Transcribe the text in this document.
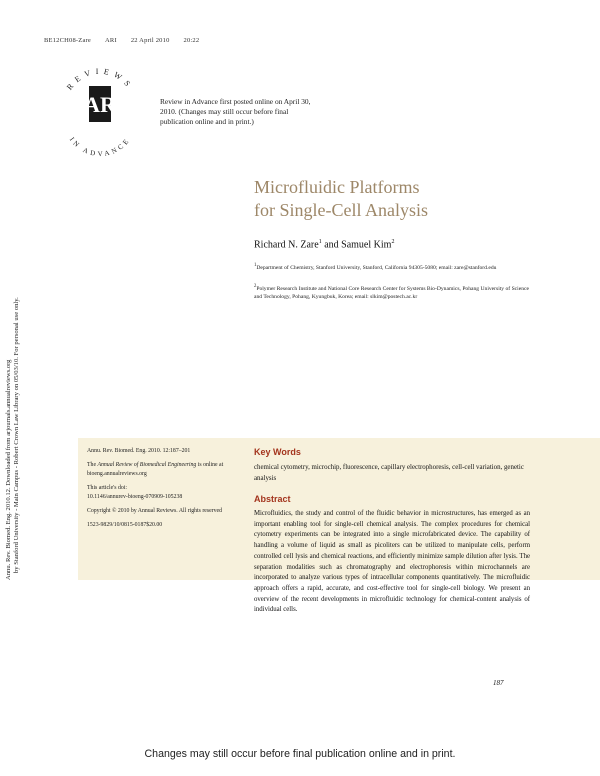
BE12CH08-Zare ARI 22 April 2010 20:22
REVIEWS
IN ADVANCE
AR	Review in Advance first posted online on April 30, 2010. (Changes may still occur before final publication online and in print.)
Annu. Rev. Biomed. Eng. 2010.12. Downloaded from arjournals.annualreviews.org by Stanford University - Main Campus - Robert Crown Law Library on 05/03/10. For personal use only.
Microfluidic Platforms
for Single-Cell Analysis
Richard N. Zare$^1$ and Samuel Kim$^2$
$^1$Department of Chemistry, Stanford University, Stanford, California 94305-5080; email: zare@stanford.edu
$^2$Polymer Research Institute and National Core Research Center for Systems Bio-Dynamics, Pohang University of Science and Technology, Pohang, Kyungbuk, Korea; email: slkim@postech.ac.kr

Annu. Rev. Biomed. Eng. 2010. 12:187–201

The Annual Review of Biomedical Engineering is online at bioeng.annualreviews.org

This article's doi:
10.1146/annurev-bioeng-070909-105238

Copyright © 2010 by Annual Reviews. All rights reserved

1523-9829/10/0815-0187$20.00

Key Words
chemical cytometry, microchip, fluorescence, capillary electrophoresis, cell-cell variation, genetic analysis
Abstract
Microfluidics, the study and control of the fluidic behavior in microstructures, has emerged as an important enabling tool for single-cell chemical analysis. The complex procedures for chemical cytometry experiments can be integrated into a single microfabricated device. The capability of handling a volume of liquid as small as picoliters can be utilized to manipulate cells, perform controlled cell lysis and chemical reactions, and efficiently minimize sample dilution after lysis. The separation modalities such as chromatography and electrophoresis within microchannels are incorporated to analyze various types of intracellular components quantitatively. The microfluidic approach offers a rapid, accurate, and cost-effective tool for single-cell biology. We present an overview of the recent developments in microfluidic technology for chemical-content analysis of individual cells.
187
Changes may still occur before final publication online and in print.
